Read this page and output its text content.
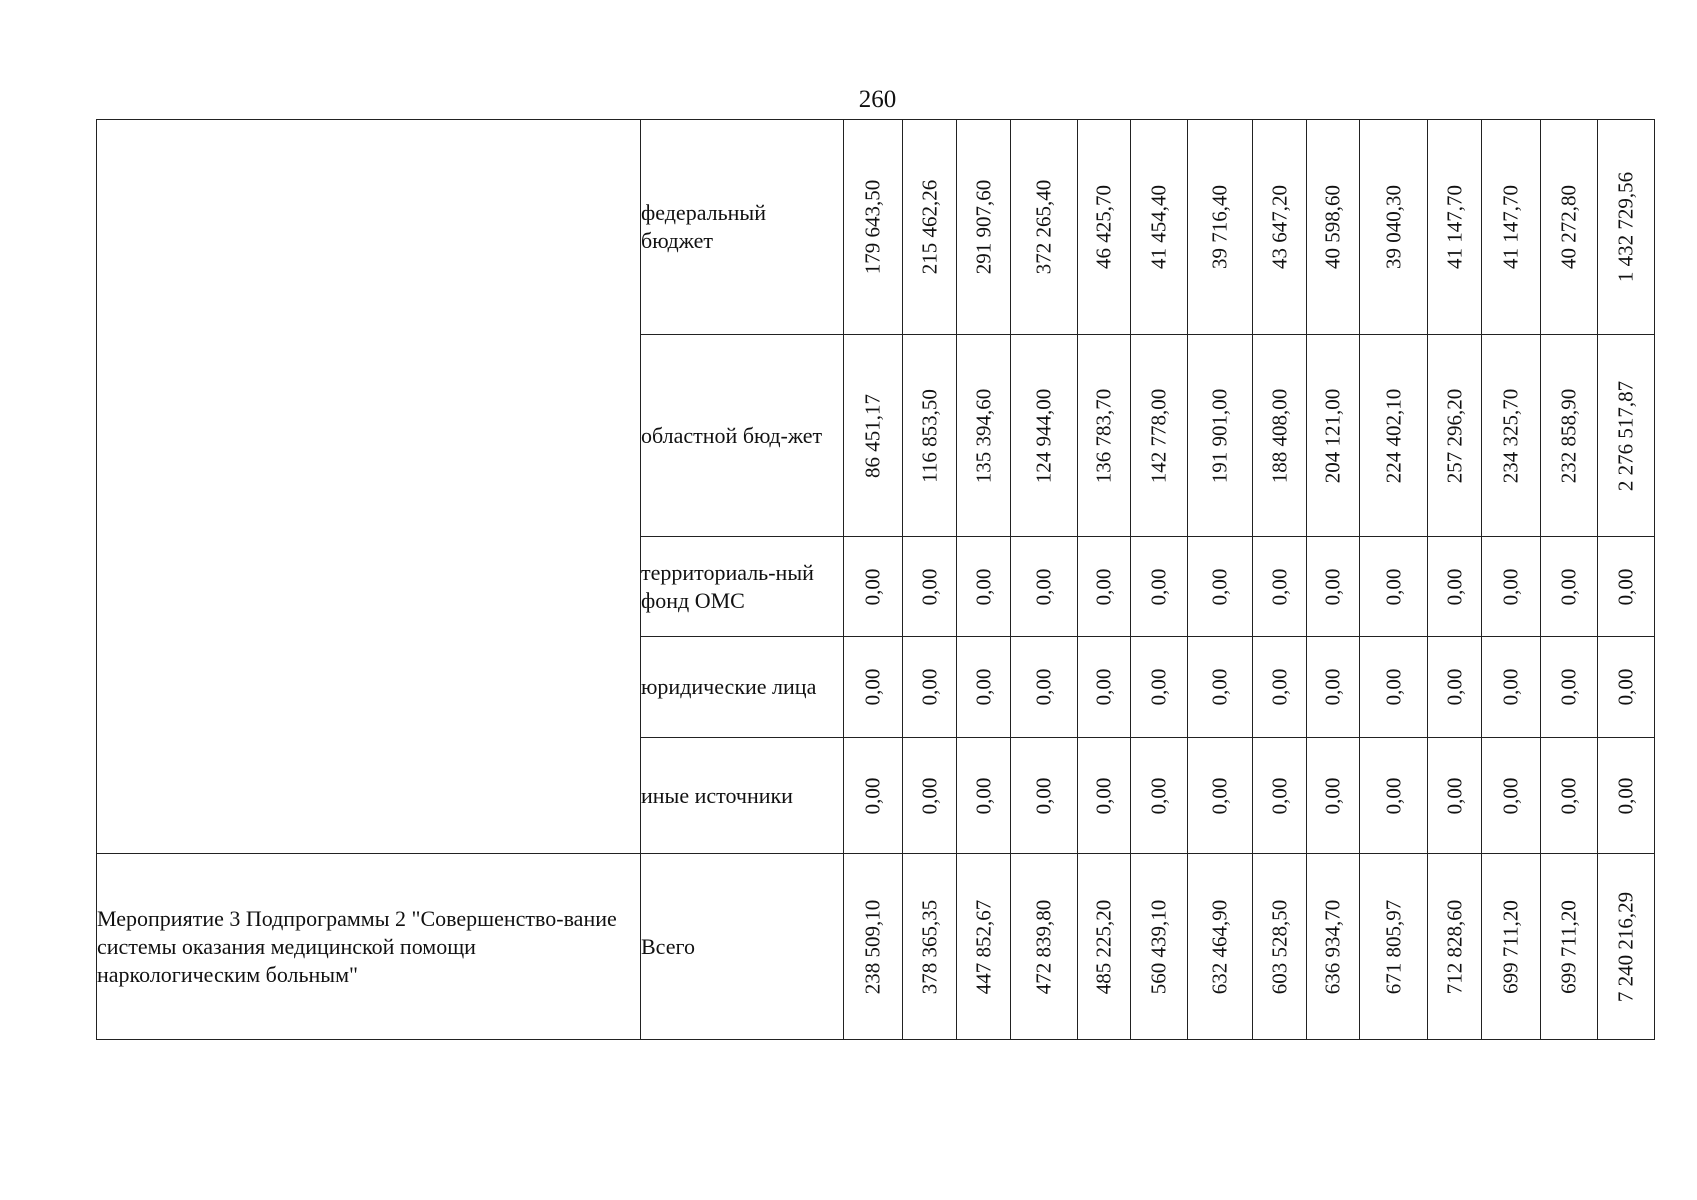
260
	федеральный бюджет	179 643,50	215 462,26	291 907,60	372 265,40	46 425,70	41 454,40	39 716,40	43 647,20	40 598,60	39 040,30	41 147,70	41 147,70	40 272,80	1 432 729,56

	областной бюд-жет	86 451,17	116 853,50	135 394,60	124 944,00	136 783,70	142 778,00	191 901,00	188 408,00	204 121,00	224 402,10	257 296,20	234 325,70	232 858,90	2 276 517,87

	территориаль-ный фонд ОМС	0,00	0,00	0,00	0,00	0,00	0,00	0,00	0,00	0,00	0,00	0,00	0,00	0,00	0,00

	юридические лица	0,00	0,00	0,00	0,00	0,00	0,00	0,00	0,00	0,00	0,00	0,00	0,00	0,00	0,00

	иные источники	0,00	0,00	0,00	0,00	0,00	0,00	0,00	0,00	0,00	0,00	0,00	0,00	0,00	0,00

Мероприятие 3 Подпрограммы 2 "Совершенство-вание системы оказания медицинской помощи наркологическим больным"	Всего	238 509,10	378 365,35	447 852,67	472 839,80	485 225,20	560 439,10	632 464,90	603 528,50	636 934,70	671 805,97	712 828,60	699 711,20	699 711,20	7 240 216,29
